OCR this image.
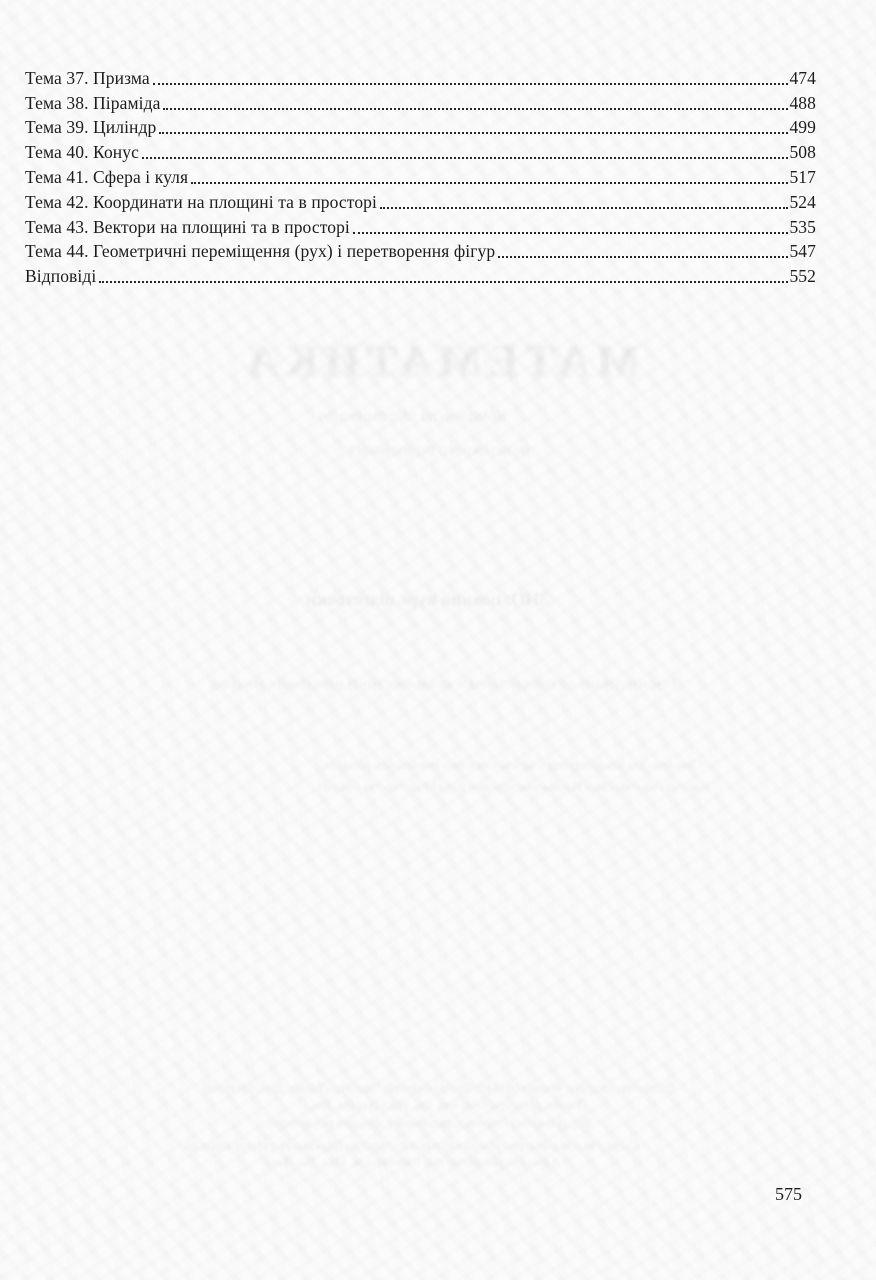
Тема 37. Призма	474
Тема 38. Піраміда	488
Тема 39. Циліндр	499
Тема 40. Конус	508
Тема 41. Сфера і куля	517
Тема 42. Координати на площині та в просторі	524
Тема 43. Вектори на площині та в просторі	535
Тема 44. Геометричні переміщення (рух) і перетворення фігур	547
Відповіді	552
МАТЕМАТИКА
Комплексна підготовка до
незалежного оцінювання
ЗНО: повний курс підготовки
Рекомендовано до використання в загальноосвітніх навчальних закладах
Схвалено для використання у загальноосвітніх навчальних закладах
комісією з математики Науково-методичної ради Міністерства освіти
Підписано до друку. Формат 60×84/8. Папір офсетний. Гарнітура Таймс. Друк офсетний.
Умовн. друк. арк. Обл.-вид. арк. Наклад прим. Зам.
Віддруковано з готових діапозитивів у друкарні видавництва.
Свідоцтво про внесення суб'єкта видавничої справи до Державного реєстру видавців.
Адреса видавництва: вул. Шевченка, м. Київ. Тел./факс.
575
